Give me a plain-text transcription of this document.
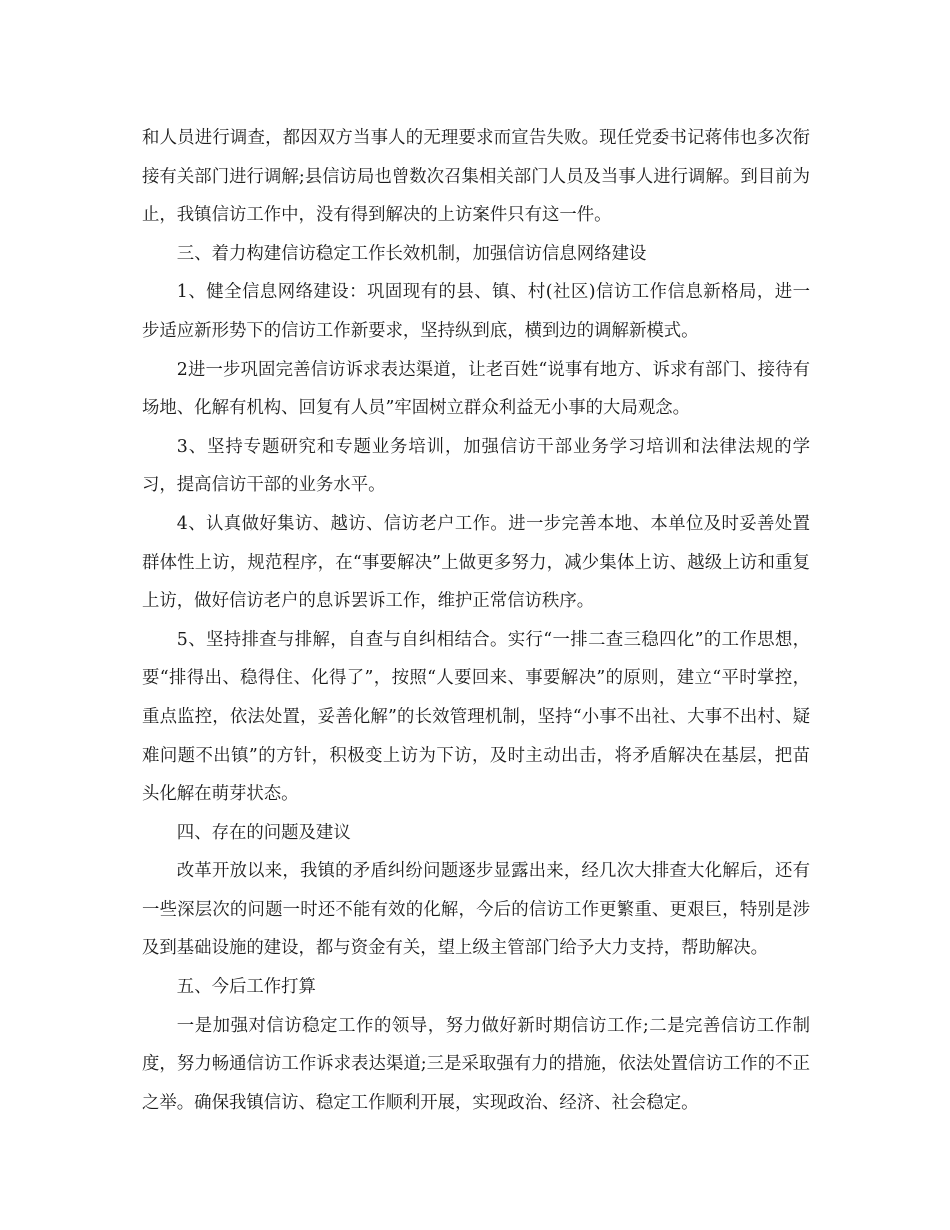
和人员进行调查，都因双方当事人的无理要求而宣告失败。现任党委书记蒋伟也多次衔接有关部门进行调解;县信访局也曾数次召集相关部门人员及当事人进行调解。到目前为止，我镇信访工作中，没有得到解决的上访案件只有这一件。

三、着力构建信访稳定工作长效机制，加强信访信息网络建设

1、健全信息网络建设：巩固现有的县、镇、村(社区)信访工作信息新格局，进一步适应新形势下的信访工作新要求，坚持纵到底，横到边的调解新模式。

2进一步巩固完善信访诉求表达渠道，让老百姓“说事有地方、诉求有部门、接待有场地、化解有机构、回复有人员”牢固树立群众利益无小事的大局观念。

3、坚持专题研究和专题业务培训，加强信访干部业务学习培训和法律法规的学习，提高信访干部的业务水平。

4、认真做好集访、越访、信访老户工作。进一步完善本地、本单位及时妥善处置群体性上访，规范程序，在“事要解决”上做更多努力，减少集体上访、越级上访和重复上访，做好信访老户的息诉罢诉工作，维护正常信访秩序。

5、坚持排查与排解，自查与自纠相结合。实行“一排二查三稳四化”的工作思想，要“排得出、稳得住、化得了”，按照“人要回来、事要解决”的原则，建立“平时掌控，重点监控，依法处置，妥善化解”的长效管理机制，坚持“小事不出社、大事不出村、疑难问题不出镇”的方针，积极变上访为下访，及时主动出击，将矛盾解决在基层，把苗头化解在萌芽状态。

四、存在的问题及建议

改革开放以来，我镇的矛盾纠纷问题逐步显露出来，经几次大排查大化解后，还有一些深层次的问题一时还不能有效的化解，今后的信访工作更繁重、更艰巨，特别是涉及到基础设施的建设，都与资金有关，望上级主管部门给予大力支持，帮助解决。

五、今后工作打算

一是加强对信访稳定工作的领导，努力做好新时期信访工作;二是完善信访工作制度，努力畅通信访工作诉求表达渠道;三是采取强有力的措施，依法处置信访工作的不正之举。确保我镇信访、稳定工作顺利开展，实现政治、经济、社会稳定。
